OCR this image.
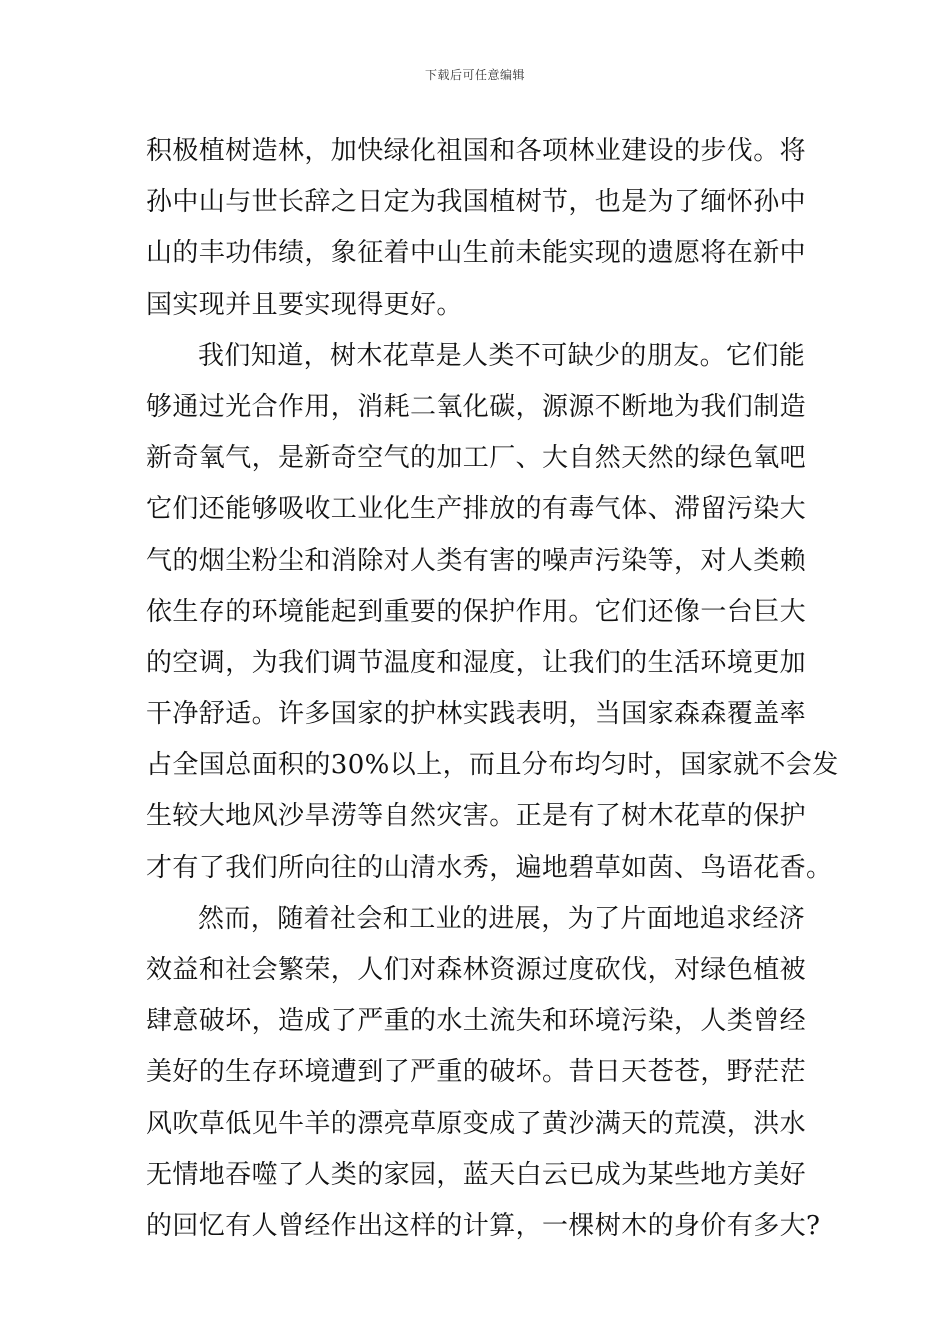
下载后可任意编辑
积极植树造林，加快绿化祖国和各项林业建设的步伐。将
孙中山与世长辞之日定为我国植树节，也是为了缅怀孙中
山的丰功伟绩，象征着中山生前未能实现的遗愿将在新中
国实现并且要实现得更好。
我们知道，树木花草是人类不可缺少的朋友。它们能
够通过光合作用，消耗二氧化碳，源源不断地为我们制造
新奇氧气，是新奇空气的加工厂、大自然天然的绿色氧吧
它们还能够吸收工业化生产排放的有毒气体、滞留污染大
气的烟尘粉尘和消除对人类有害的噪声污染等，对人类赖
依生存的环境能起到重要的保护作用。它们还像一台巨大
的空调，为我们调节温度和湿度，让我们的生活环境更加
干净舒适。许多国家的护林实践表明，当国家森森覆盖率
占全国总面积的30%以上，而且分布均匀时，国家就不会发
生较大地风沙旱涝等自然灾害。正是有了树木花草的保护
才有了我们所向往的山清水秀，遍地碧草如茵、鸟语花香。
然而，随着社会和工业的进展，为了片面地追求经济
效益和社会繁荣，人们对森林资源过度砍伐，对绿色植被
肆意破坏，造成了严重的水土流失和环境污染，人类曾经
美好的生存环境遭到了严重的破坏。昔日天苍苍，野茫茫
风吹草低见牛羊的漂亮草原变成了黄沙满天的荒漠，洪水
无情地吞噬了人类的家园，蓝天白云已成为某些地方美好
的回忆有人曾经作出这样的计算，一棵树木的身价有多大?
